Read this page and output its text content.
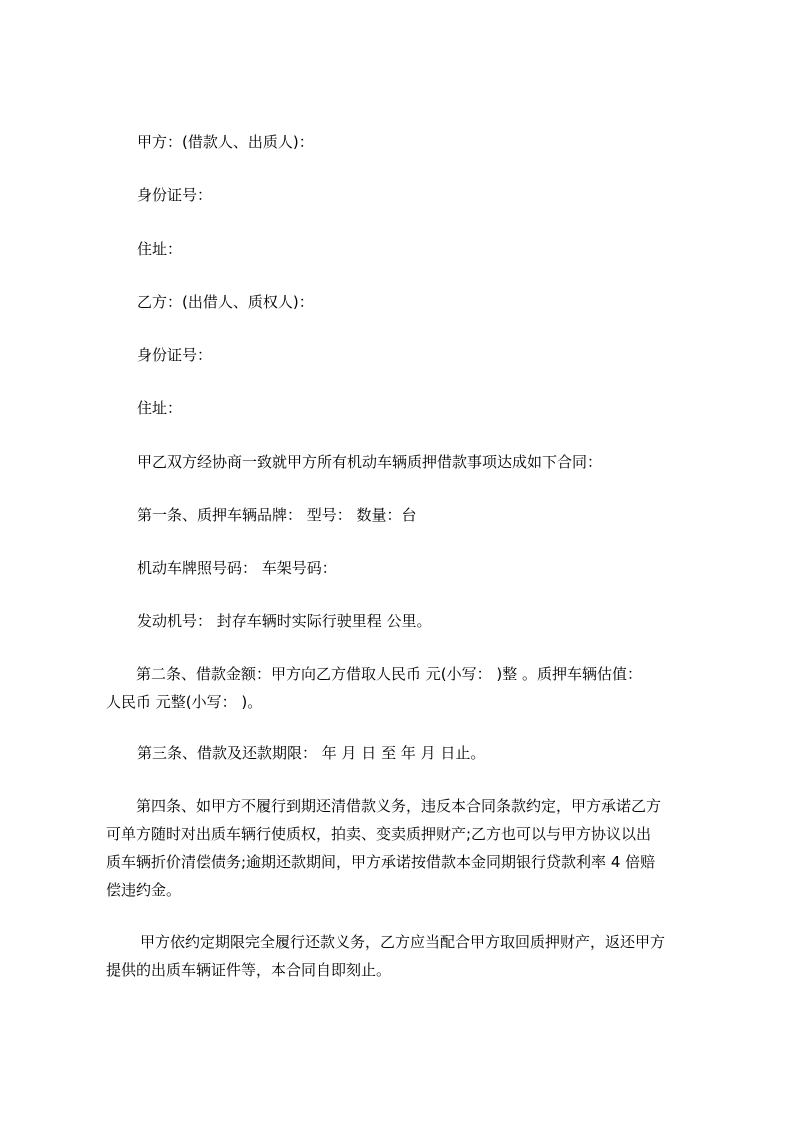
甲方：(借款人、出质人)：
身份证号：
住址：
乙方：(出借人、质权人)：
身份证号：
住址：
甲乙双方经协商一致就甲方所有机动车辆质押借款事项达成如下合同：
第一条、质押车辆品牌： 型号： 数量：台
机动车牌照号码： 车架号码：
发动机号： 封存车辆时实际行驶里程 公里。
第二条、借款金额：甲方向乙方借取人民币 元(小写： )整 。质押车辆估值：
人民币 元整(小写： )。
第三条、借款及还款期限： 年 月 日 至 年 月 日止。
第四条、如甲方不履行到期还清借款义务，违反本合同条款约定，甲方承诺乙方
可单方随时对出质车辆行使质权，拍卖、变卖质押财产;乙方也可以与甲方协议以出
质车辆折价清偿债务;逾期还款期间，甲方承诺按借款本金同期银行贷款利率 4 倍赔
偿违约金。
甲方依约定期限完全履行还款义务，乙方应当配合甲方取回质押财产，返还甲方
提供的出质车辆证件等，本合同自即刻止。
